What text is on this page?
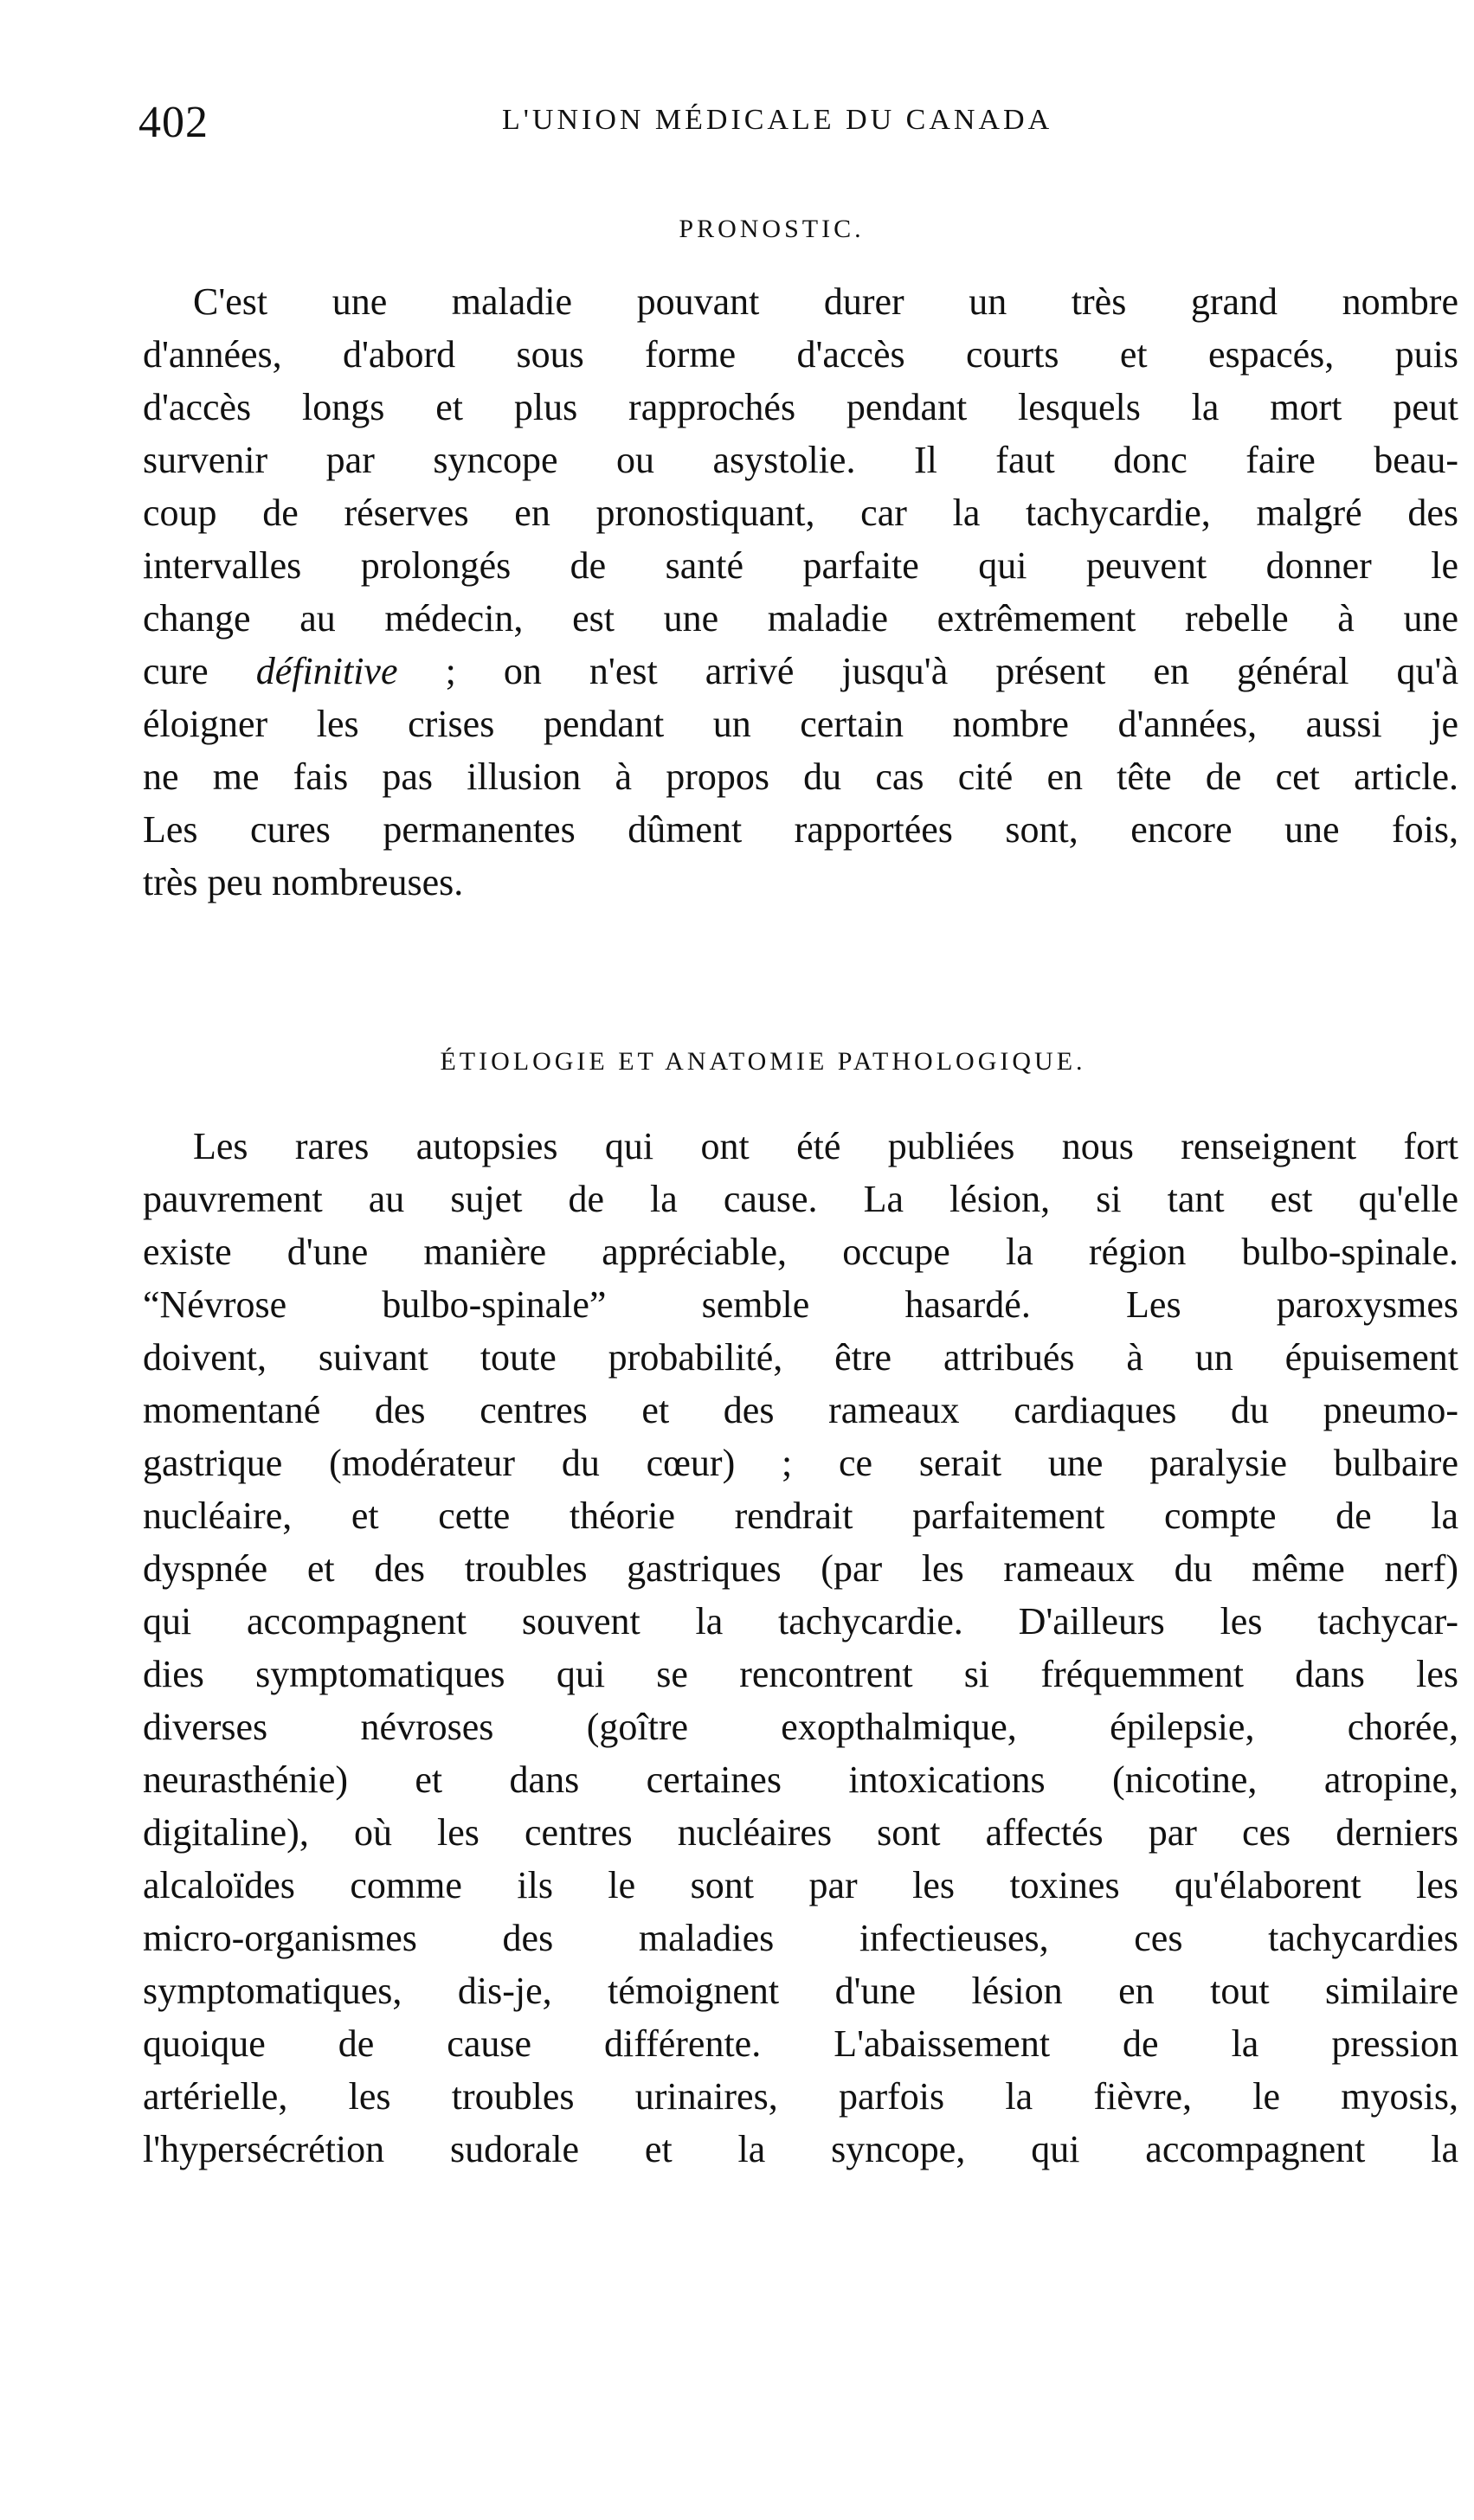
402	L'UNION MÉDICALE DU CANADA
PRONOSTIC.
C'est une maladie pouvant durer un très grand nombre
d'années, d'abord sous forme d'accès courts et espacés, puis
d'accès longs et plus rapprochés pendant lesquels la mort peut
survenir par syncope ou asystolie. Il faut donc faire beau-
coup de réserves en pronostiquant, car la tachycardie, malgré des
intervalles prolongés de santé parfaite qui peuvent donner le
change au médecin, est une maladie extrêmement rebelle à une
cure définitive ; on n'est arrivé jusqu'à présent en général qu'à
éloigner les crises pendant un certain nombre d'années, aussi je
ne me fais pas illusion à propos du cas cité en tête de cet article.
Les cures permanentes dûment rapportées sont, encore une fois,
très peu nombreuses.
ÉTIOLOGIE ET ANATOMIE PATHOLOGIQUE.
Les rares autopsies qui ont été publiées nous renseignent fort
pauvrement au sujet de la cause. La lésion, si tant est qu'elle
existe d'une manière appréciable, occupe la région bulbo-spinale.
“Névrose bulbo-spinale” semble hasardé. Les paroxysmes
doivent, suivant toute probabilité, être attribués à un épuisement
momentané des centres et des rameaux cardiaques du pneumo-
gastrique (modérateur du cœur) ; ce serait une paralysie bulbaire
nucléaire, et cette théorie rendrait parfaitement compte de la
dyspnée et des troubles gastriques (par les rameaux du même nerf)
qui accompagnent souvent la tachycardie. D'ailleurs les tachycar-
dies symptomatiques qui se rencontrent si fréquemment dans les
diverses névroses (goître exopthalmique, épilepsie, chorée,
neurasthénie) et dans certaines intoxications (nicotine, atropine,
digitaline), où les centres nucléaires sont affectés par ces derniers
alcaloïdes comme ils le sont par les toxines qu'élaborent les
micro-organismes des maladies infectieuses, ces tachycardies
symptomatiques, dis-je, témoignent d'une lésion en tout similaire
quoique de cause différente. L'abaissement de la pression
artérielle, les troubles urinaires, parfois la fièvre, le myosis,
l'hypersécrétion sudorale et la syncope, qui accompagnent la
